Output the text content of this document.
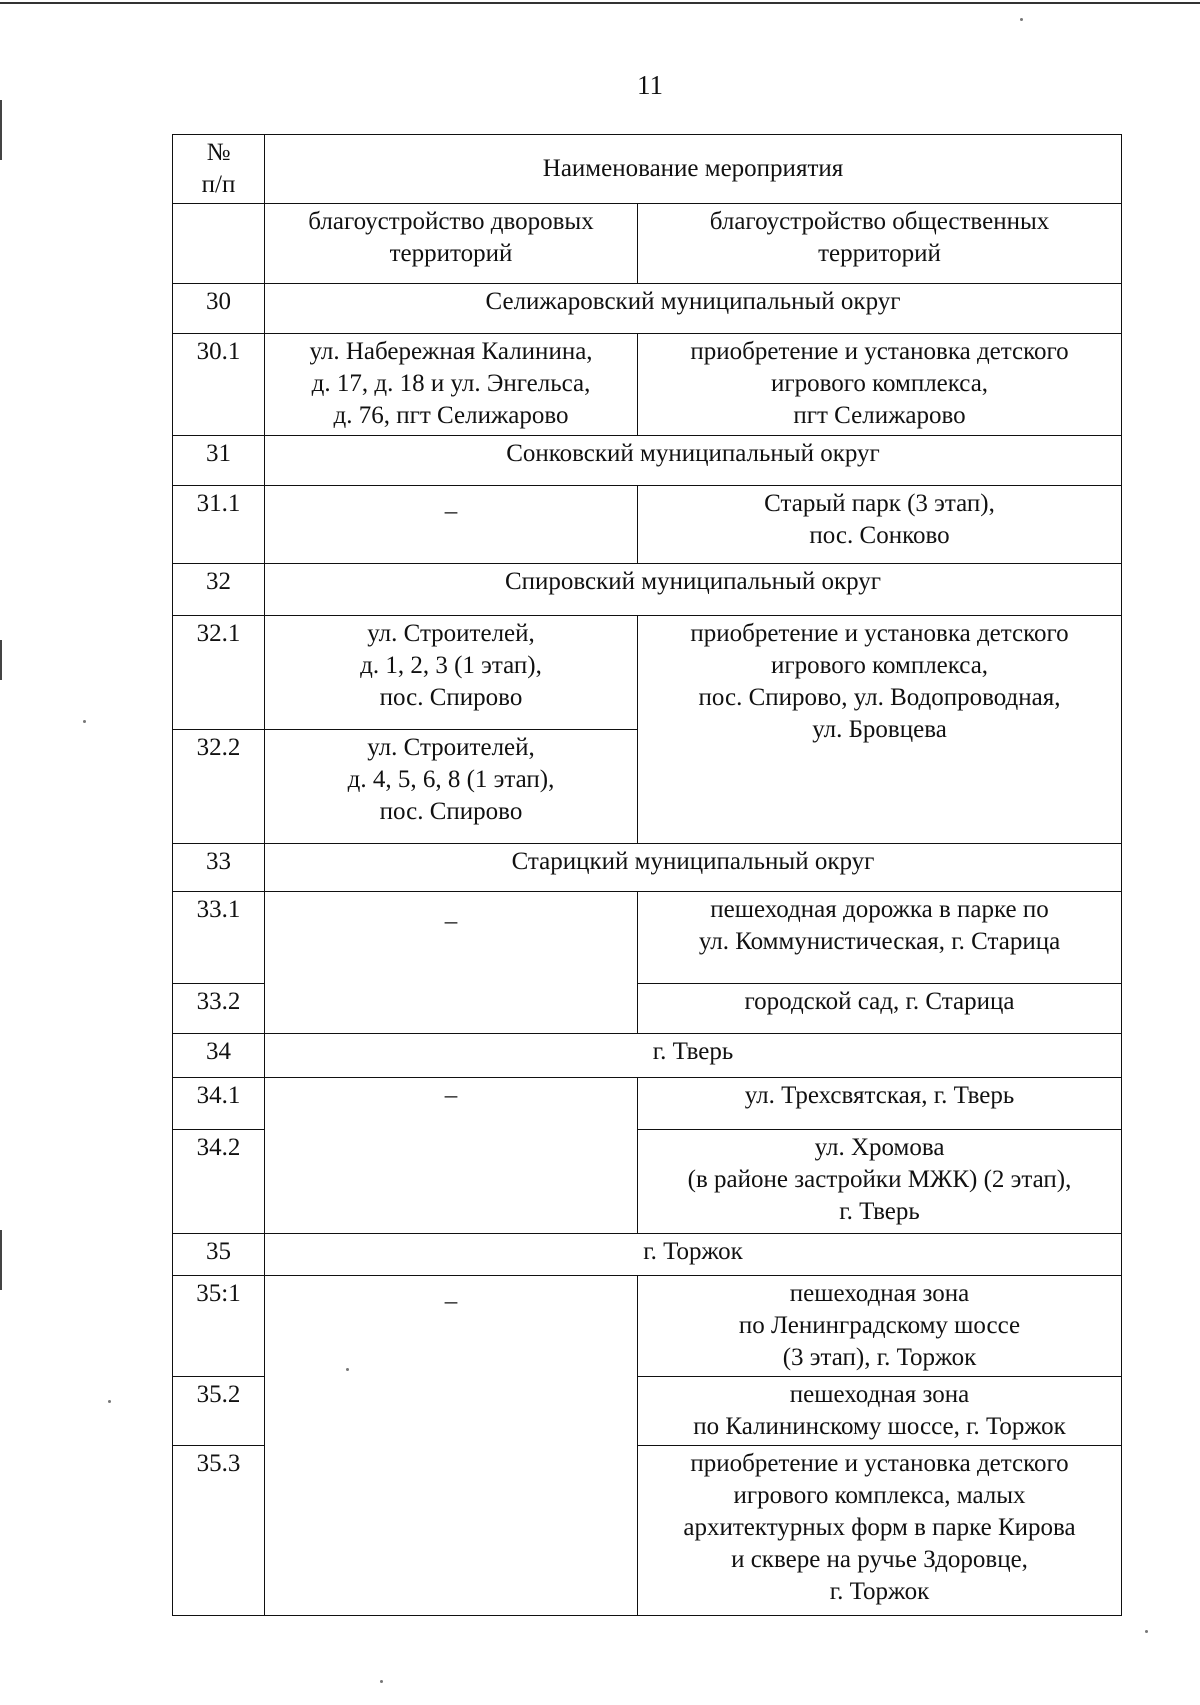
11
№
п/п	Наименование мероприятия	

	благоустройство дворовых
территорий	благоустройство общественных
территорий

30	Селижаровский муниципальный округ	
30.1	ул. Набережная Калинина,
д. 17, д. 18 и ул. Энгельса,
д. 76, пгт Селижарово	приобретение и установка детского
игрового комплекса,
пгт Селижарово

31	Сонковский муниципальный округ	
31.1	–	Старый парк (3 этап),
пос. Сонково

32	Спировский муниципальный округ	
32.1	ул. Строителей,
д. 1, 2, 3 (1 этап),
пос. Спирово	приобретение и установка детского
игрового комплекса,
пос. Спирово, ул. Водопроводная,
ул. Бровцева

32.2	ул. Строителей,
д. 4, 5, 6, 8 (1 этап),
пос. Спирово	

33	Старицкий муниципальный округ	
33.1	–	пешеходная дорожка в парке по
ул. Коммунистическая, г. Старица

33.2		городской сад, г. Старица
34	г. Тверь	
34.1	–	ул. Трехсвятская, г. Тверь
34.2		ул. Хромова
(в районе застройки МЖК) (2 этап),
г. Тверь

35	г. Торжок	
35:1	–	пешеходная зона
по Ленинградскому шоссе
(3 этап), г. Торжок

35.2		пешеходная зона
по Калининскому шоссе, г. Торжок

35.3		приобретение и установка детского
игрового комплекса, малых
архитектурных форм в парке Кирова
и сквере на ручье Здоровце,
г. Торжок
